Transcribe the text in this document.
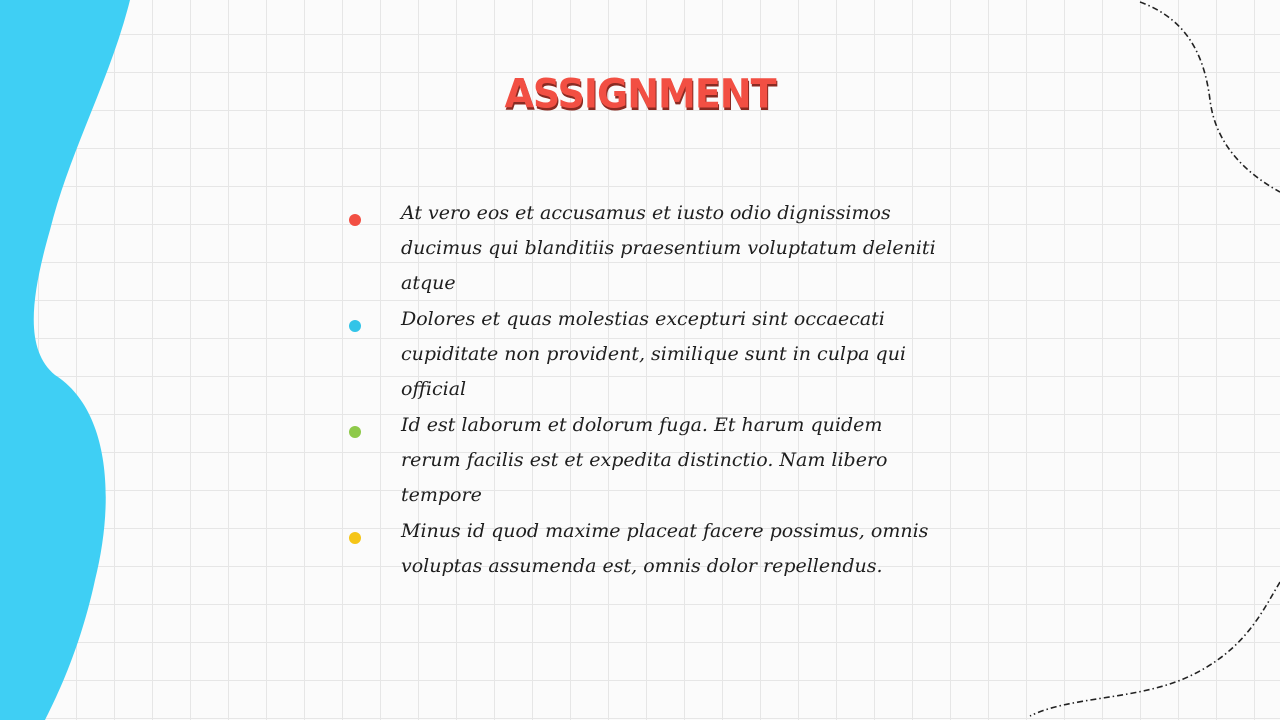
ASSIGNMENT
At vero eos et accusamus et iusto odio dignissimos ducimus qui blanditiis praesentium voluptatum deleniti atque
Dolores et quas molestias excepturi sint occaecati cupiditate non provident, similique sunt in culpa qui official
Id est laborum et dolorum fuga. Et harum quidem rerum facilis est et expedita distinctio. Nam libero tempore
Minus id quod maxime placeat facere possimus, omnis voluptas assumenda est, omnis dolor repellendus.
